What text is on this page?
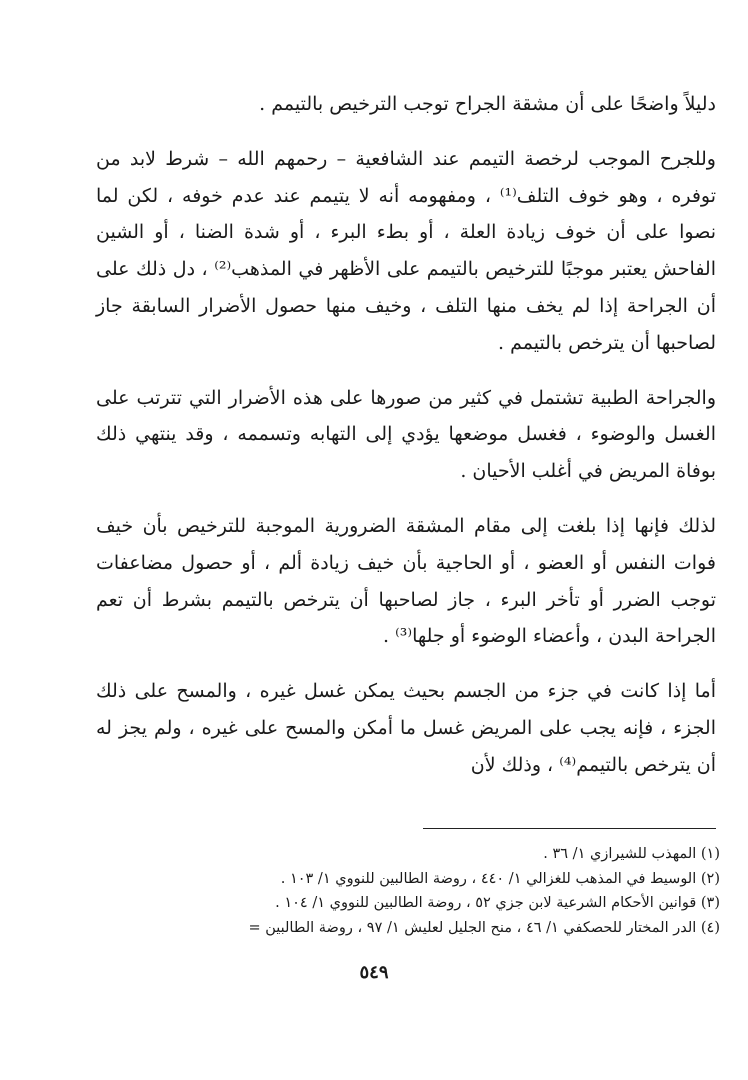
دليلاً واضحًا على أن مشقة الجراح توجب الترخيص بالتيمم .

وللجرح الموجب لرخصة التيمم عند الشافعية – رحمهم الله – شرط لابد من توفره ، وهو خوف التلف⁽¹⁾ ، ومفهومه أنه لا يتيمم عند عدم خوفه ، لكن لما نصوا على أن خوف زيادة العلة ، أو بطء البرء ، أو شدة الضنا ، أو الشين الفاحش يعتبر موجبًا للترخيص بالتيمم على الأظهر في المذهب⁽²⁾ ، دل ذلك على أن الجراحة إذا لم يخف منها التلف ، وخيف منها حصول الأضرار السابقة جاز لصاحبها أن يترخص بالتيمم .

والجراحة الطبية تشتمل في كثير من صورها على هذه الأضرار التي تترتب على الغسل والوضوء ، فغسل موضعها يؤدي إلى التهابه وتسممه ، وقد ينتهي ذلك بوفاة المريض في أغلب الأحيان .

لذلك فإنها إذا بلغت إلى مقام المشقة الضرورية الموجبة للترخيص بأن خيف فوات النفس أو العضو ، أو الحاجية بأن خيف زيادة ألم ، أو حصول مضاعفات توجب الضرر أو تأخر البرء ، جاز لصاحبها أن يترخص بالتيمم بشرط أن تعم الجراحة البدن ، وأعضاء الوضوء أو جلها⁽³⁾ .

أما إذا كانت في جزء من الجسم بحيث يمكن غسل غيره ، والمسح على ذلك الجزء ، فإنه يجب على المريض غسل ما أمكن والمسح على غيره ، ولم يجز له أن يترخص بالتيمم⁽⁴⁾ ، وذلك لأن

(١) المهذب للشيرازي ١/ ٣٦ .

(٢) الوسيط في المذهب للغزالي ١/ ٤٤٠ ، روضة الطالبين للنووي ١/ ١٠٣ .

(٣) قوانين الأحكام الشرعية لابن جزي ٥٢ ، روضة الطالبين للنووي ١/ ١٠٤ .

(٤) الدر المختار للحصكفي ١/ ٤٦ ، منح الجليل لعليش ١/ ٩٧ ، روضة الطالبين =

٥٤٩
